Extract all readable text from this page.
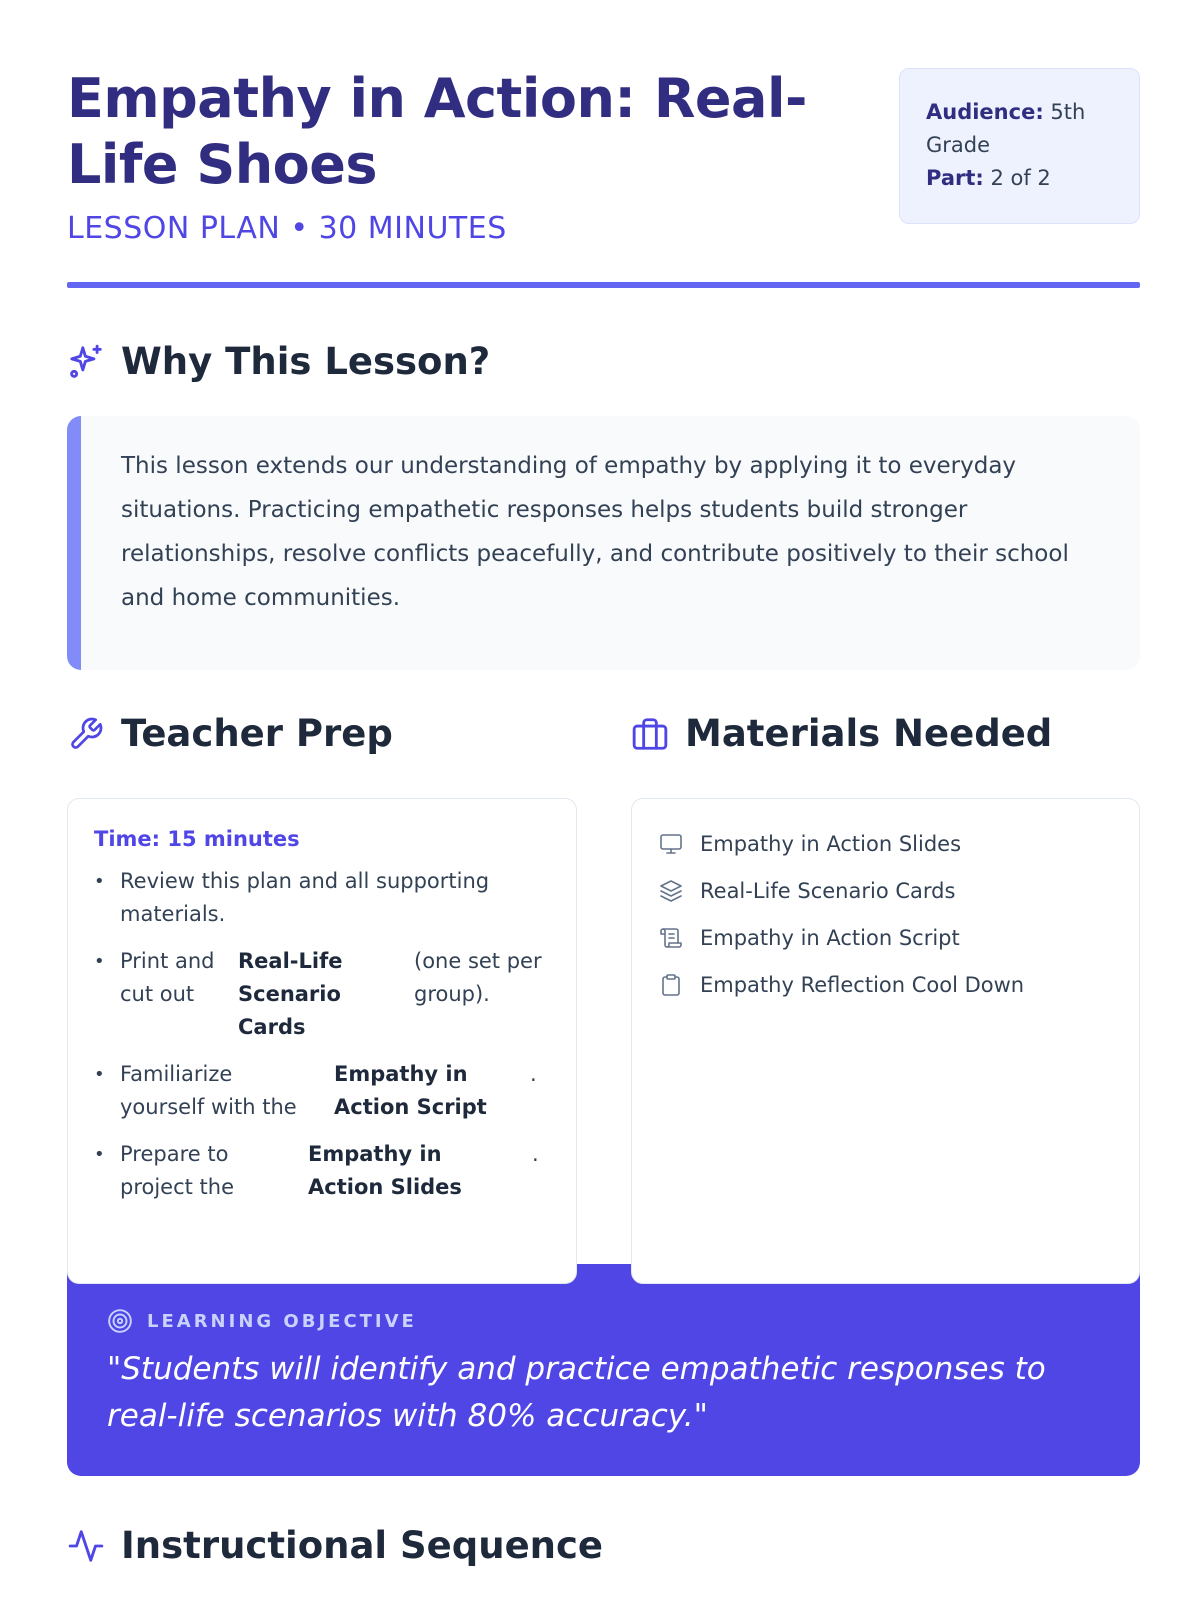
Empathy in Action: Real-Life Shoes
LESSON PLAN • 30 MINUTES
Audience: 5th Grade
Part: 2 of 2
Why This Lesson?

This lesson extends our understanding of empathy by applying it to everyday situations. Practicing empathetic responses helps students build stronger relationships, resolve conflicts peacefully, and contribute positively to their school and home communities.

Teacher Prep
Time: 15 minutes
• Review this plan and all supporting materials.
• Print and cut out
Real-Life Scenario Cards
(one set per group).
• Familiarize yourself with the
Empathy in Action Script
.
• Prepare to project the
Empathy in Action Slides
.
Materials Needed
Empathy in Action Slides
Real-Life Scenario Cards
Empathy in Action Script
Empathy Reflection Cool Down
LEARNING OBJECTIVE

"Students will identify and practice empathetic responses to real-life scenarios with 80% accuracy."

Instructional Sequence
